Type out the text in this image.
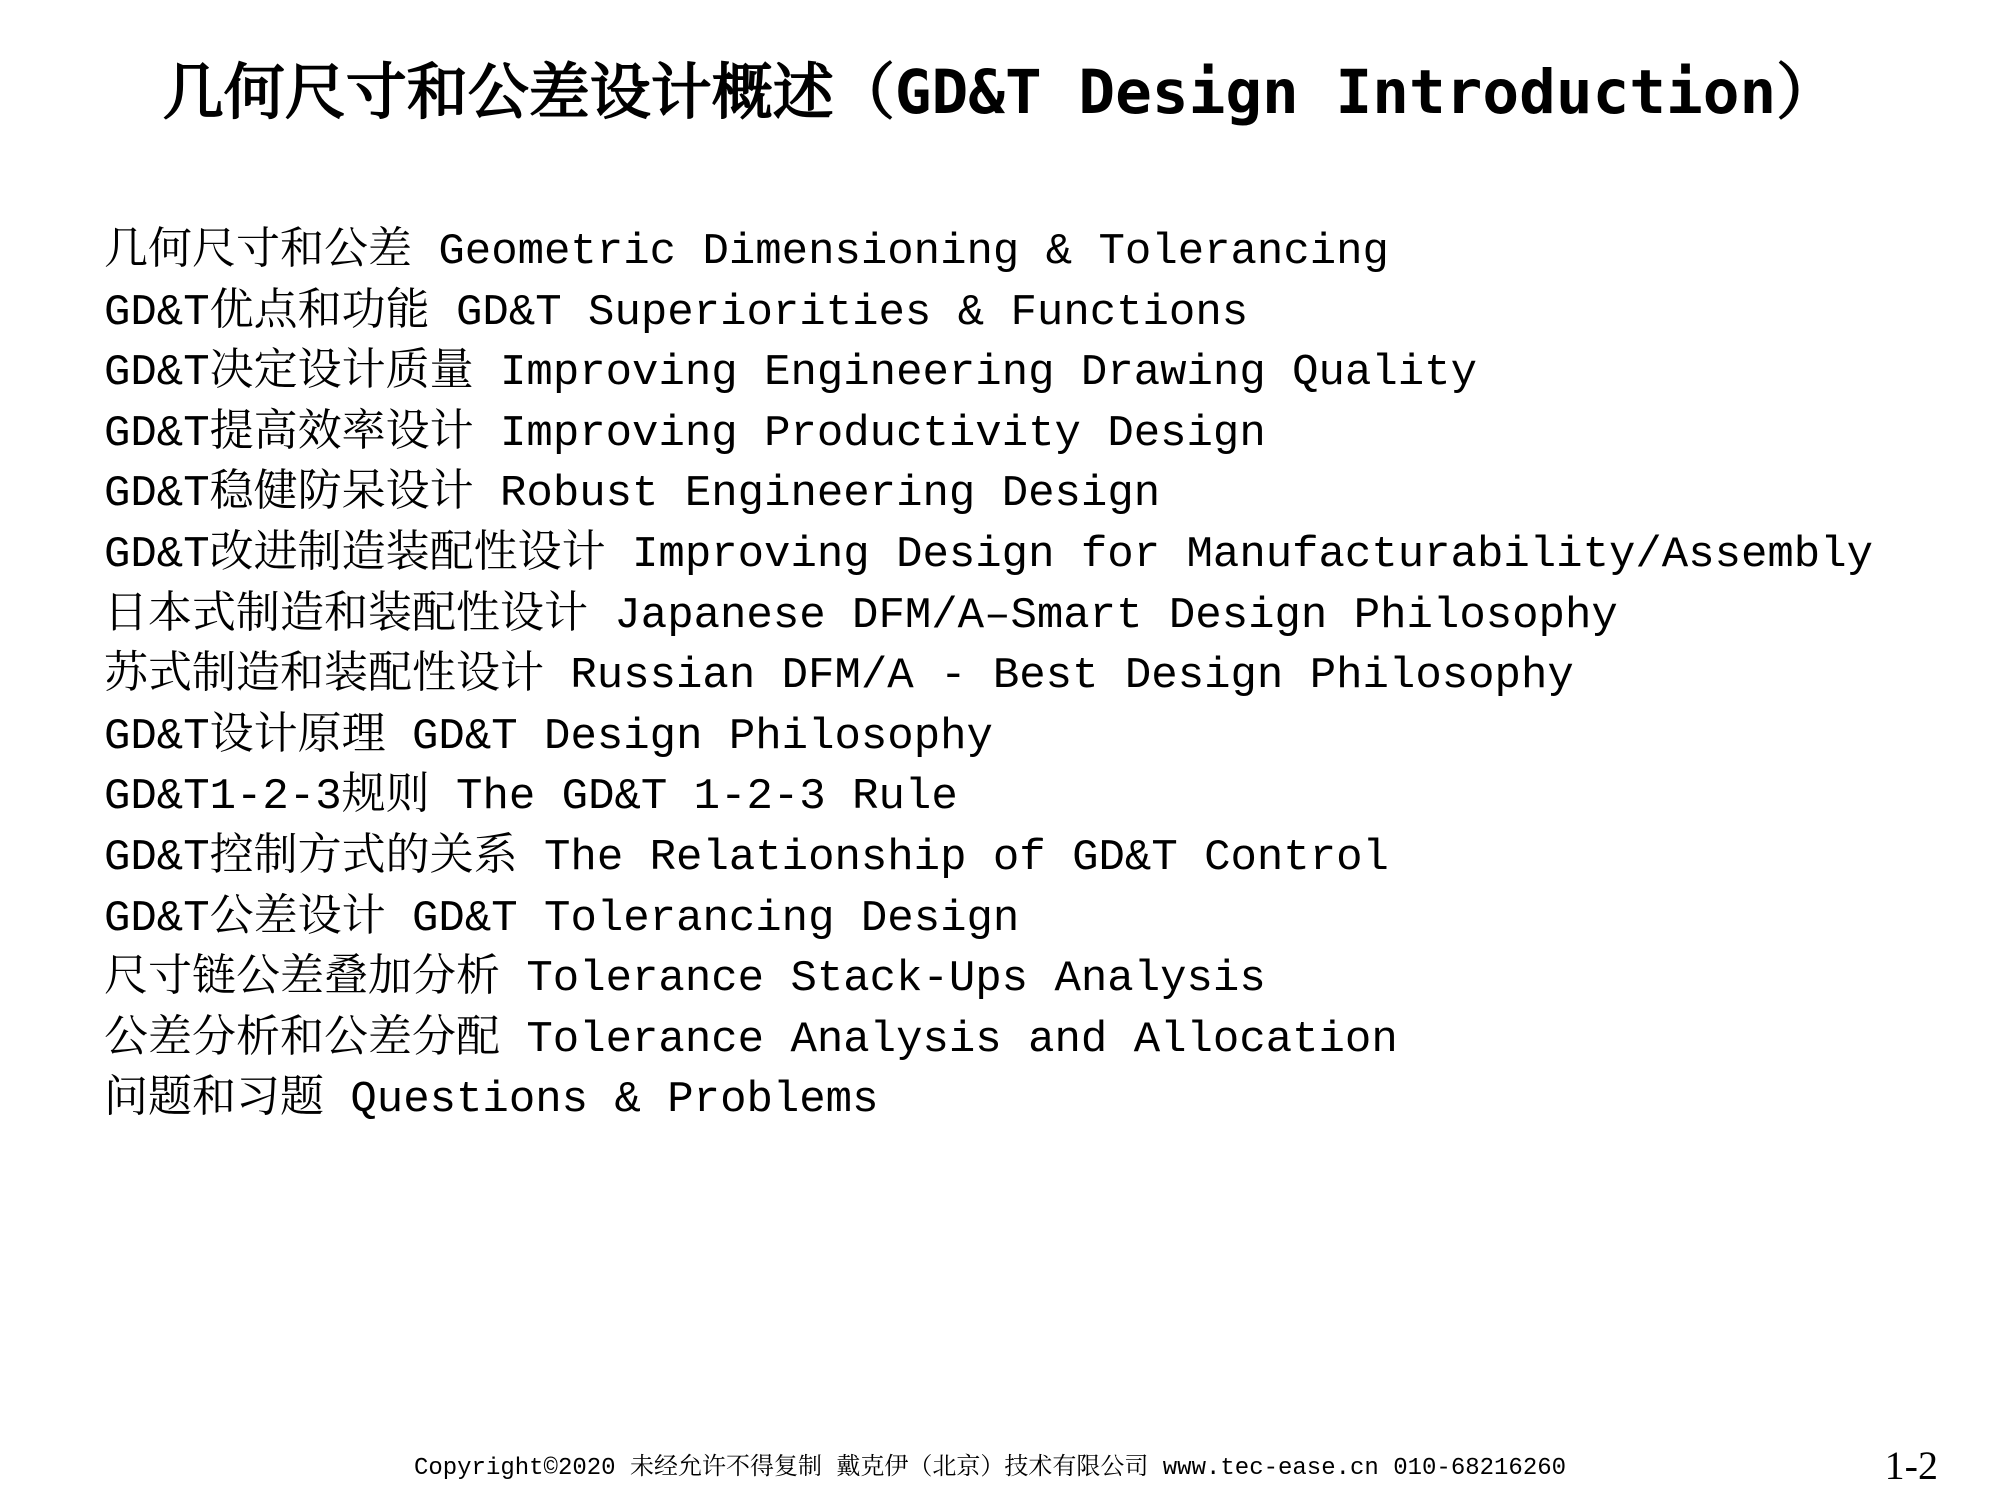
几何尺寸和公差设计概述（GD&T Design Introduction）
几何尺寸和公差 Geometric Dimensioning & Tolerancing
GD&T优点和功能 GD&T Superiorities & Functions
GD&T决定设计质量 Improving Engineering Drawing Quality
GD&T提高效率设计 Improving Productivity Design
GD&T稳健防呆设计 Robust Engineering Design
GD&T改进制造装配性设计 Improving Design for Manufacturability/Assembly
日本式制造和装配性设计 Japanese DFM/A–Smart Design Philosophy
苏式制造和装配性设计 Russian DFM/A - Best Design Philosophy
GD&T设计原理 GD&T Design Philosophy
GD&T1-2-3规则 The GD&T 1-2-3 Rule
GD&T控制方式的关系 The Relationship of GD&T Control
GD&T公差设计 GD&T Tolerancing Design
尺寸链公差叠加分析 Tolerance Stack-Ups Analysis
公差分析和公差分配 Tolerance Analysis and Allocation
问题和习题 Questions & Problems
Copyright©2020 未经允许不得复制 戴克伊（北京）技术有限公司 www.tec-ease.cn 010-68216260	1-2
